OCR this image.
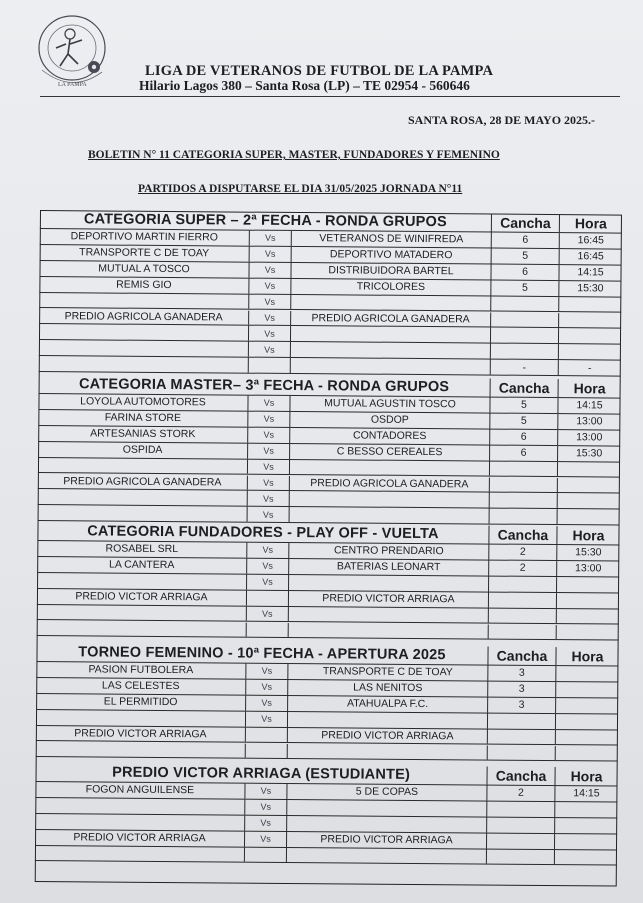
LA PAMPA
LIGA DE VETERANOS DE FUTBOL DE LA PAMPA
Hilario Lagos 380 – Santa Rosa (LP) – TE 02954 - 560646
SANTA ROSA, 28 DE MAYO 2025.-
BOLETIN N° 11 CATEGORIA SUPER, MASTER, FUNDADORES Y FEMENINO
PARTIDOS A DISPUTARSE EL DIA 31/05/2025 JORNADA N°11
CATEGORIA SUPER – 2ª FECHA - RONDA GRUPOS	Cancha	Hora
DEPORTIVO MARTIN FIERRO	Vs	VETERANOS DE WINIFREDA	6	16:45
TRANSPORTE C DE TOAY	Vs	DEPORTIVO MATADERO	5	16:45
MUTUAL A TOSCO	Vs	DISTRIBUIDORA BARTEL	6	14:15
REMIS GIO	Vs	TRICOLORES	5	15:30
Vs
PREDIO AGRICOLA GANADERA	Vs	PREDIO AGRICOLA GANADERA
Vs
Vs
-	-
CATEGORIA MASTER– 3ª FECHA - RONDA GRUPOS	Cancha	Hora
LOYOLA AUTOMOTORES	Vs	MUTUAL AGUSTIN TOSCO	5	14:15
FARINA STORE	Vs	OSDOP	5	13:00
ARTESANIAS STORK	Vs	CONTADORES	6	13:00
OSPIDA	Vs	C BESSO CEREALES	6	15:30
Vs
PREDIO AGRICOLA GANADERA	Vs	PREDIO AGRICOLA GANADERA
Vs
Vs
CATEGORIA FUNDADORES - PLAY OFF - VUELTA	Cancha	Hora
ROSABEL SRL	Vs	CENTRO PRENDARIO	2	15:30
LA CANTERA	Vs	BATERIAS LEONART	2	13:00
Vs
PREDIO VICTOR ARRIAGA	PREDIO VICTOR ARRIAGA
Vs
TORNEO FEMENINO - 10ª FECHA - APERTURA 2025	Cancha	Hora
PASION FUTBOLERA	Vs	TRANSPORTE C DE TOAY	3
LAS CELESTES	Vs	LAS NENITOS	3
EL PERMITIDO	Vs	ATAHUALPA F.C.	3
Vs
PREDIO VICTOR ARRIAGA	PREDIO VICTOR ARRIAGA
PREDIO VICTOR ARRIAGA (ESTUDIANTE)	Cancha	Hora
FOGON ANGUILENSE	Vs	5 DE COPAS	2	14:15
Vs
Vs
PREDIO VICTOR ARRIAGA	Vs	PREDIO VICTOR ARRIAGA
